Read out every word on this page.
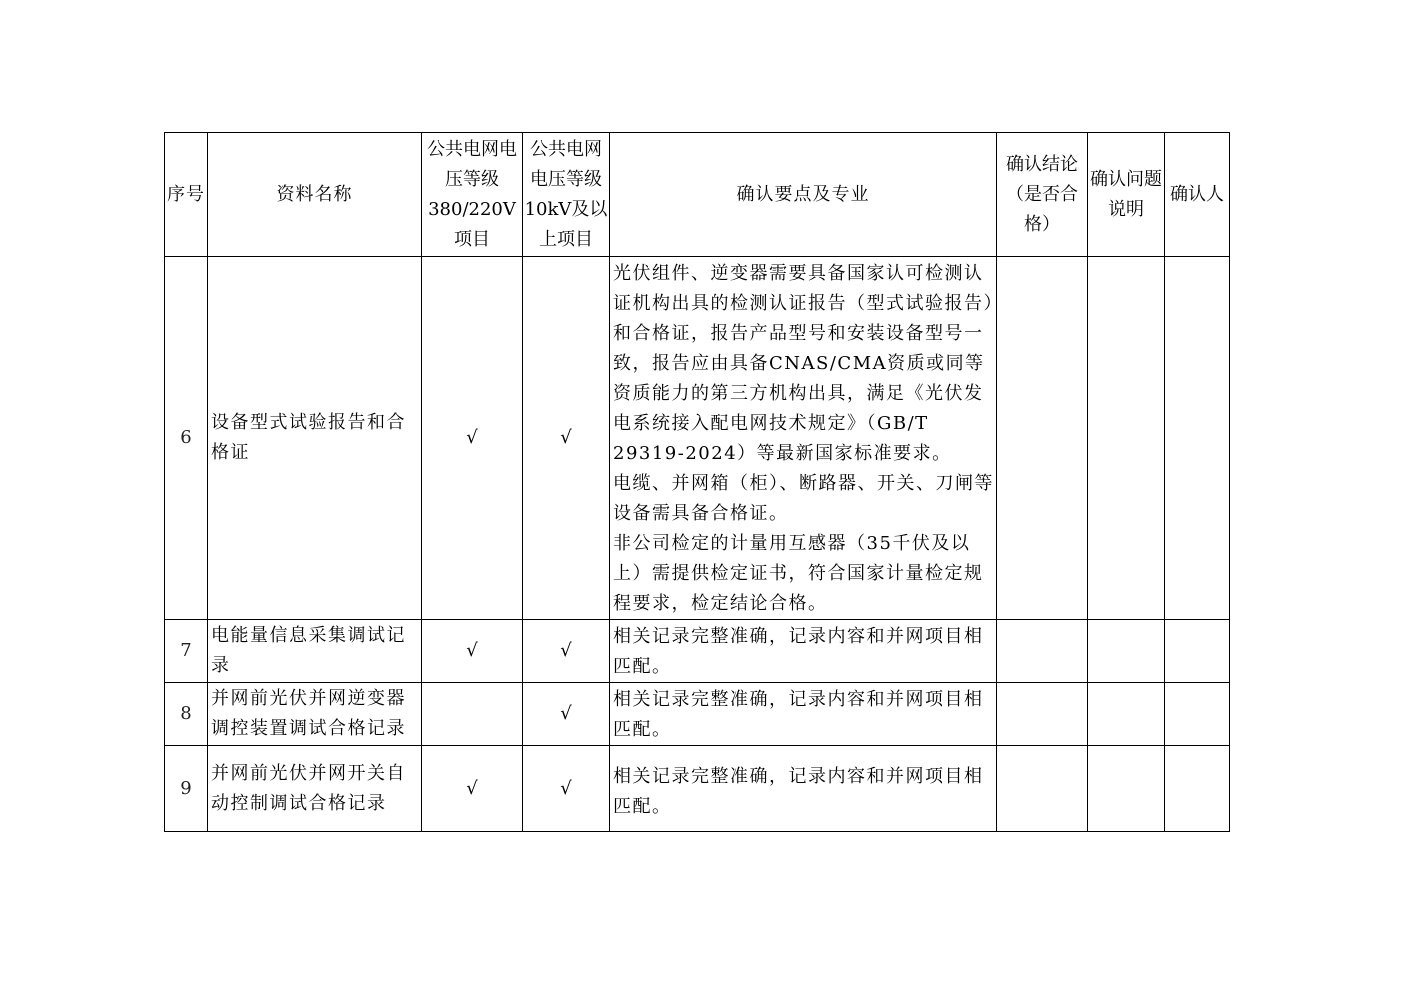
序号	资料名称	公共电网电压等级380/220V项目	公共电网电压等级10kV及以上项目	确认要点及专业	确认结论（是否合格）	确认问题说明	确认人
6	设备型式试验报告和合格证	√	√	光伏组件、逆变器需要具备国家认可检测认证机构出具的检测认证报告（型式试验报告）和合格证，报告产品型号和安装设备型号一致，报告应由具备CNAS/CMA资质或同等资质能力的第三方机构出具，满足《光伏发电系统接入配电网技术规定》（GB/T 29319-2024）等最新国家标准要求。

电缆、并网箱（柜）、断路器、开关、刀闸等设备需具备合格证。

非公司检定的计量用互感器（35千伏及以上）需提供检定证书，符合国家计量检定规程要求，检定结论合格。			

7	电能量信息采集调试记录	√	√	相关记录完整准确，记录内容和并网项目相匹配。			

8	并网前光伏并网逆变器调控装置调试合格记录		√	相关记录完整准确，记录内容和并网项目相匹配。			

9	并网前光伏并网开关自动控制调试合格记录	√	√	相关记录完整准确，记录内容和并网项目相匹配。			
